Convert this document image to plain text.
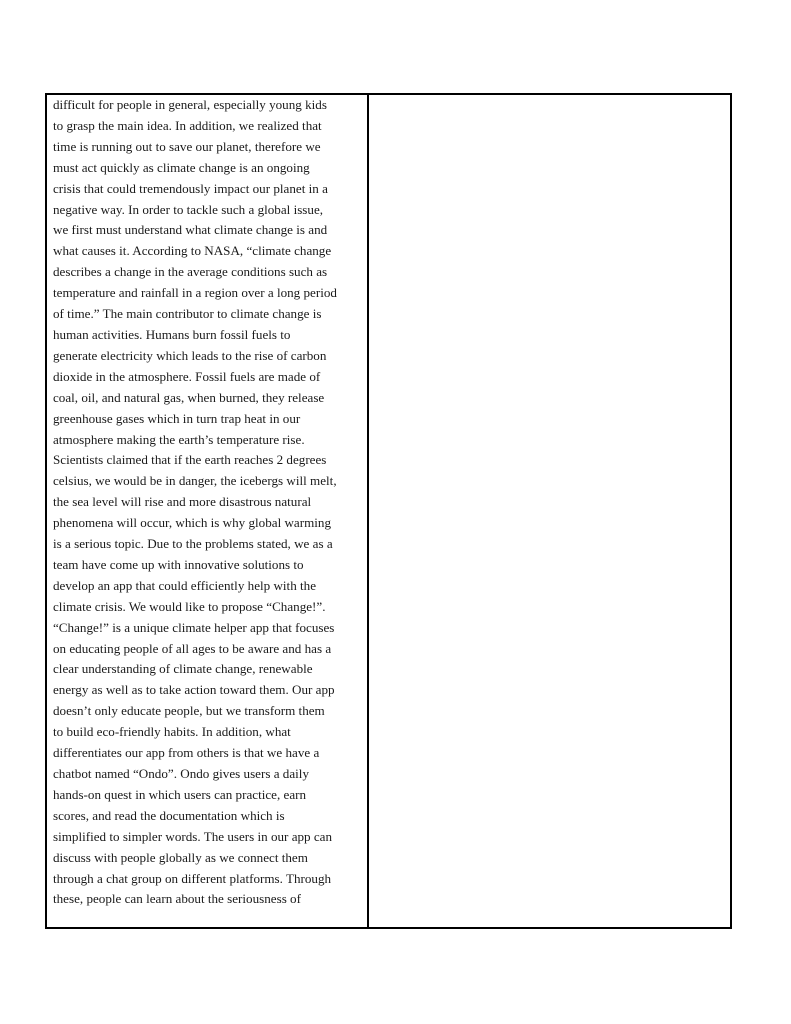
difficult for people in general, especially young kids
to grasp the main idea. In addition, we realized that
time is running out to save our planet, therefore we
must act quickly as climate change is an ongoing
crisis that could tremendously impact our planet in a
negative way. In order to tackle such a global issue,
we first must understand what climate change is and
what causes it. According to NASA, “climate change
describes a change in the average conditions such as
temperature and rainfall in a region over a long period
of time.” The main contributor to climate change is
human activities. Humans burn fossil fuels to
generate electricity which leads to the rise of carbon
dioxide in the atmosphere. Fossil fuels are made of
coal, oil, and natural gas, when burned, they release
greenhouse gases which in turn trap heat in our
atmosphere making the earth’s temperature rise.
Scientists claimed that if the earth reaches 2 degrees
celsius, we would be in danger, the icebergs will melt,
the sea level will rise and more disastrous natural
phenomena will occur, which is why global warming
is a serious topic. Due to the problems stated, we as a
team have come up with innovative solutions to
develop an app that could efficiently help with the
climate crisis. We would like to propose “Change!”.
“Change!” is a unique climate helper app that focuses
on educating people of all ages to be aware and has a
clear understanding of climate change, renewable
energy as well as to take action toward them. Our app
doesn’t only educate people, but we transform them
to build eco-friendly habits. In addition, what
differentiates our app from others is that we have a
chatbot named “Ondo”. Ondo gives users a daily
hands-on quest in which users can practice, earn
scores, and read the documentation which is
simplified to simpler words. The users in our app can
discuss with people globally as we connect them
through a chat group on different platforms. Through
these, people can learn about the seriousness of
